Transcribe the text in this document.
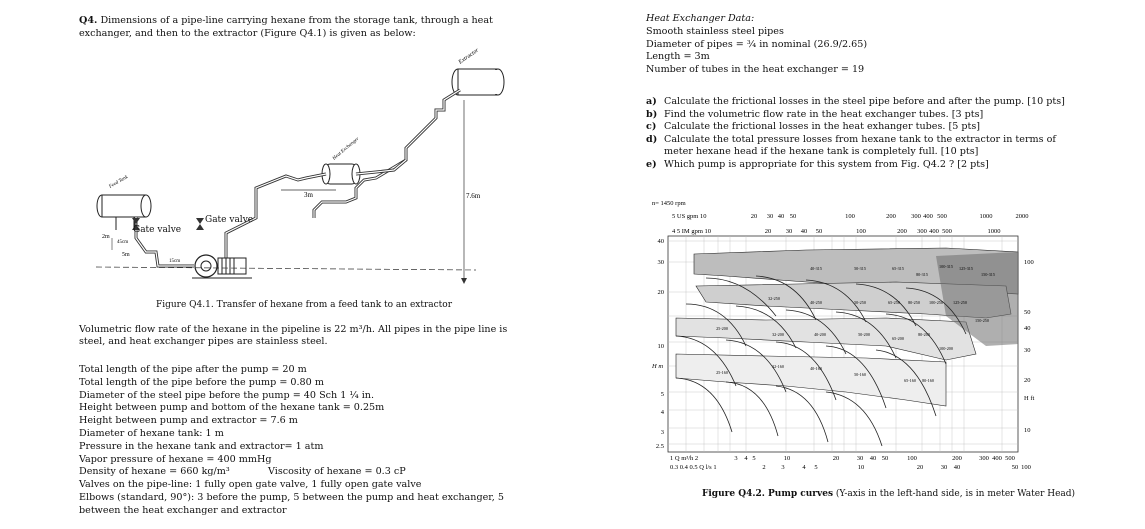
Q4. Dimensions of a pipe-line carrying hexane from the storage tank, through a heat
exchanger, and then to the extractor (Figure Q4.1) is given as below:
Extractor
Heat Exchanger
3m	7.6m
Feed Tank
2m
45cm
5m
15cm
Gate valve
Gate valve
Figure Q4.1. Transfer of hexane from a feed tank to an extractor
Volumetric flow rate of the hexane in the pipeline is 22 m³/h. All pipes in the pipe line is
steel, and heat exchanger pipes are stainless steel.
Total length of the pipe after the pump = 20 m
Total length of the pipe before the pump = 0.80 m
Diameter of the steel pipe before the pump = 40 Sch 1 ¼ in.
Height between pump and bottom of the hexane tank = 0.25m
Height between pump and extractor = 7.6 m
Diameter of hexane tank: 1 m
Pressure in the hexane tank and extractor= 1 atm
Vapor pressure of hexane = 400 mmHg
Density of hexane = 660 kg/m³	Viscosity of hexane = 0.3 cP
Valves on the pipe-line: 1 fully open gate valve, 1 fully open gate valve
Elbows (standard, 90°): 3 before the pump, 5 between the pump and heat exchanger, 5
between the heat exchanger and extractor
Heat Exchanger Data:
Smooth stainless steel pipes
Diameter of pipes = ¾ in nominal (26.9/2.65)
Length = 3m
Number of tubes in the heat exchanger = 19
a) Calculate the frictional losses in the steel pipe before and after the pump. [10 pts]
b) Find the volumetric flow rate in the heat exchanger tubes. [3 pts]
c) Calculate the frictional losses in the heat exhanger tubes. [5 pts]
d) Calculate the total pressure losses from hexane tank to the extractor in terms of
meter hexane head if the hexane tank is completely full. [10 pts]
e) Which pump is appropriate for this system from Fig. Q4.2 ? [2 pts]
n= 1450 rpm
5 US gpm 10
4 5 IM gpm 10
20 30 40 50	100	200 300 400 500	1000	2000
20 30 40 50	100	200 300 400 500	1000
40-315	50-315	65-315
80-315
100-315 125-315
150-315
32-250
40-250	50-250	65-250 80-250 100-250 125-250
150-250
25-200
32-200	40-200	50-200
65-200
80-200
100-200
25-160
32-160	40-160
50-160
65-160 80-160
40
30
20
10
5
4
3
2.5
H m
100
50
40
30
20
10
H ft
1 Q m³/h 2
0.3 0.4 0.5 Q l/s 1
3 4 5	10	20	30 40 50	100	200	300 400 500
2 3	4 5	10	20	30 40	50 100
Figure Q4.2. Pump curves (Y-axis in the left-hand side, is in meter Water Head)
